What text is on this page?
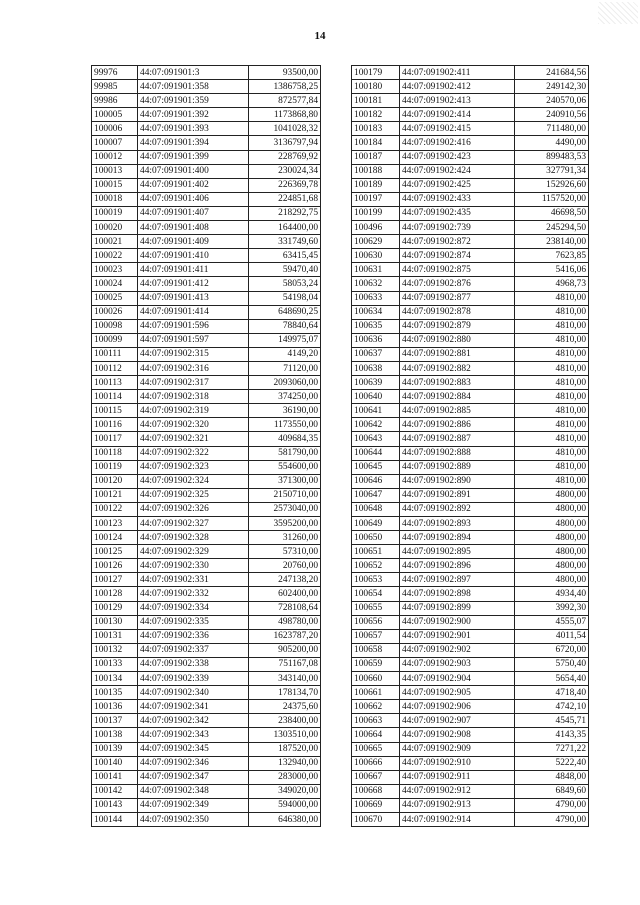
14
99976	44:07:091901:3	93500,00
99985	44:07:091901:358	1386758,25
99986	44:07:091901:359	872577,84
100005	44:07:091901:392	1173868,80
100006	44:07:091901:393	1041028,32
100007	44:07:091901:394	3136797,94
100012	44:07:091901:399	228769,92
100013	44:07:091901:400	230024,34
100015	44:07:091901:402	226369,78
100018	44:07:091901:406	224851,68
100019	44:07:091901:407	218292,75
100020	44:07:091901:408	164400,00
100021	44:07:091901:409	331749,60
100022	44:07:091901:410	63415,45
100023	44:07:091901:411	59470,40
100024	44:07:091901:412	58053,24
100025	44:07:091901:413	54198,04
100026	44:07:091901:414	648690,25
100098	44:07:091901:596	78840,64
100099	44:07:091901:597	149975,07
100111	44:07:091902:315	4149,20
100112	44:07:091902:316	71120,00
100113	44:07:091902:317	2093060,00
100114	44:07:091902:318	374250,00
100115	44:07:091902:319	36190,00
100116	44:07:091902:320	1173550,00
100117	44:07:091902:321	409684,35
100118	44:07:091902:322	581790,00
100119	44:07:091902:323	554600,00
100120	44:07:091902:324	371300,00
100121	44:07:091902:325	2150710,00
100122	44:07:091902:326	2573040,00
100123	44:07:091902:327	3595200,00
100124	44:07:091902:328	31260,00
100125	44:07:091902:329	57310,00
100126	44:07:091902:330	20760,00
100127	44:07:091902:331	247138,20
100128	44:07:091902:332	602400,00
100129	44:07:091902:334	728108,64
100130	44:07:091902:335	498780,00
100131	44:07:091902:336	1623787,20
100132	44:07:091902:337	905200,00
100133	44:07:091902:338	751167,08
100134	44:07:091902:339	343140,00
100135	44:07:091902:340	178134,70
100136	44:07:091902:341	24375,60
100137	44:07:091902:342	238400,00
100138	44:07:091902:343	1303510,00
100139	44:07:091902:345	187520,00
100140	44:07:091902:346	132940,00
100141	44:07:091902:347	283000,00
100142	44:07:091902:348	349020,00
100143	44:07:091902:349	594000,00
100144	44:07:091902:350	646380,00
100179	44:07:091902:411	241684,56
100180	44:07:091902:412	249142,30
100181	44:07:091902:413	240570,06
100182	44:07:091902:414	240910,56
100183	44:07:091902:415	711480,00
100184	44:07:091902:416	4490,00
100187	44:07:091902:423	899483,53
100188	44:07:091902:424	327791,34
100189	44:07:091902:425	152926,60
100197	44:07:091902:433	1157520,00
100199	44:07:091902:435	46698,50
100496	44:07:091902:739	245294,50
100629	44:07:091902:872	238140,00
100630	44:07:091902:874	7623,85
100631	44:07:091902:875	5416,06
100632	44:07:091902:876	4968,73
100633	44:07:091902:877	4810,00
100634	44:07:091902:878	4810,00
100635	44:07:091902:879	4810,00
100636	44:07:091902:880	4810,00
100637	44:07:091902:881	4810,00
100638	44:07:091902:882	4810,00
100639	44:07:091902:883	4810,00
100640	44:07:091902:884	4810,00
100641	44:07:091902:885	4810,00
100642	44:07:091902:886	4810,00
100643	44:07:091902:887	4810,00
100644	44:07:091902:888	4810,00
100645	44:07:091902:889	4810,00
100646	44:07:091902:890	4810,00
100647	44:07:091902:891	4800,00
100648	44:07:091902:892	4800,00
100649	44:07:091902:893	4800,00
100650	44:07:091902:894	4800,00
100651	44:07:091902:895	4800,00
100652	44:07:091902:896	4800,00
100653	44:07:091902:897	4800,00
100654	44:07:091902:898	4934,40
100655	44:07:091902:899	3992,30
100656	44:07:091902:900	4555,07
100657	44:07:091902:901	4011,54
100658	44:07:091902:902	6720,00
100659	44:07:091902:903	5750,40
100660	44:07:091902:904	5654,40
100661	44:07:091902:905	4718,40
100662	44:07:091902:906	4742,10
100663	44:07:091902:907	4545,71
100664	44:07:091902:908	4143,35
100665	44:07:091902:909	7271,22
100666	44:07:091902:910	5222,40
100667	44:07:091902:911	4848,00
100668	44:07:091902:912	6849,60
100669	44:07:091902:913	4790,00
100670	44:07:091902:914	4790,00
